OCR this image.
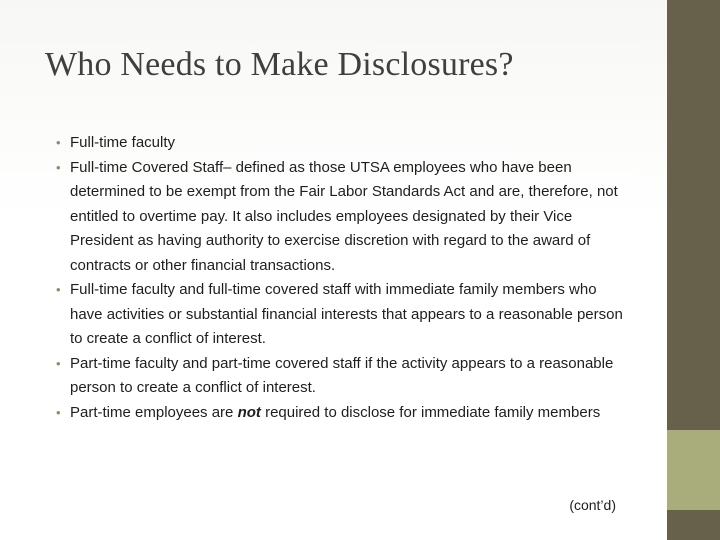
Who Needs to Make Disclosures?
• Full-time faculty
• Full-time Covered Staff– defined as those UTSA employees who have been determined to be exempt from the Fair Labor Standards Act and are, therefore, not entitled to overtime pay. It also includes employees designated by their Vice President as having authority to exercise discretion with regard to the award of contracts or other financial transactions.
• Full-time faculty and full-time covered staff with immediate family members who have activities or substantial financial interests that appears to a reasonable person to create a conflict of interest.
• Part-time faculty and part-time covered staff if the activity appears to a reasonable person to create a conflict of interest.
• Part-time employees are not required to disclose for immediate family members

(cont’d)
